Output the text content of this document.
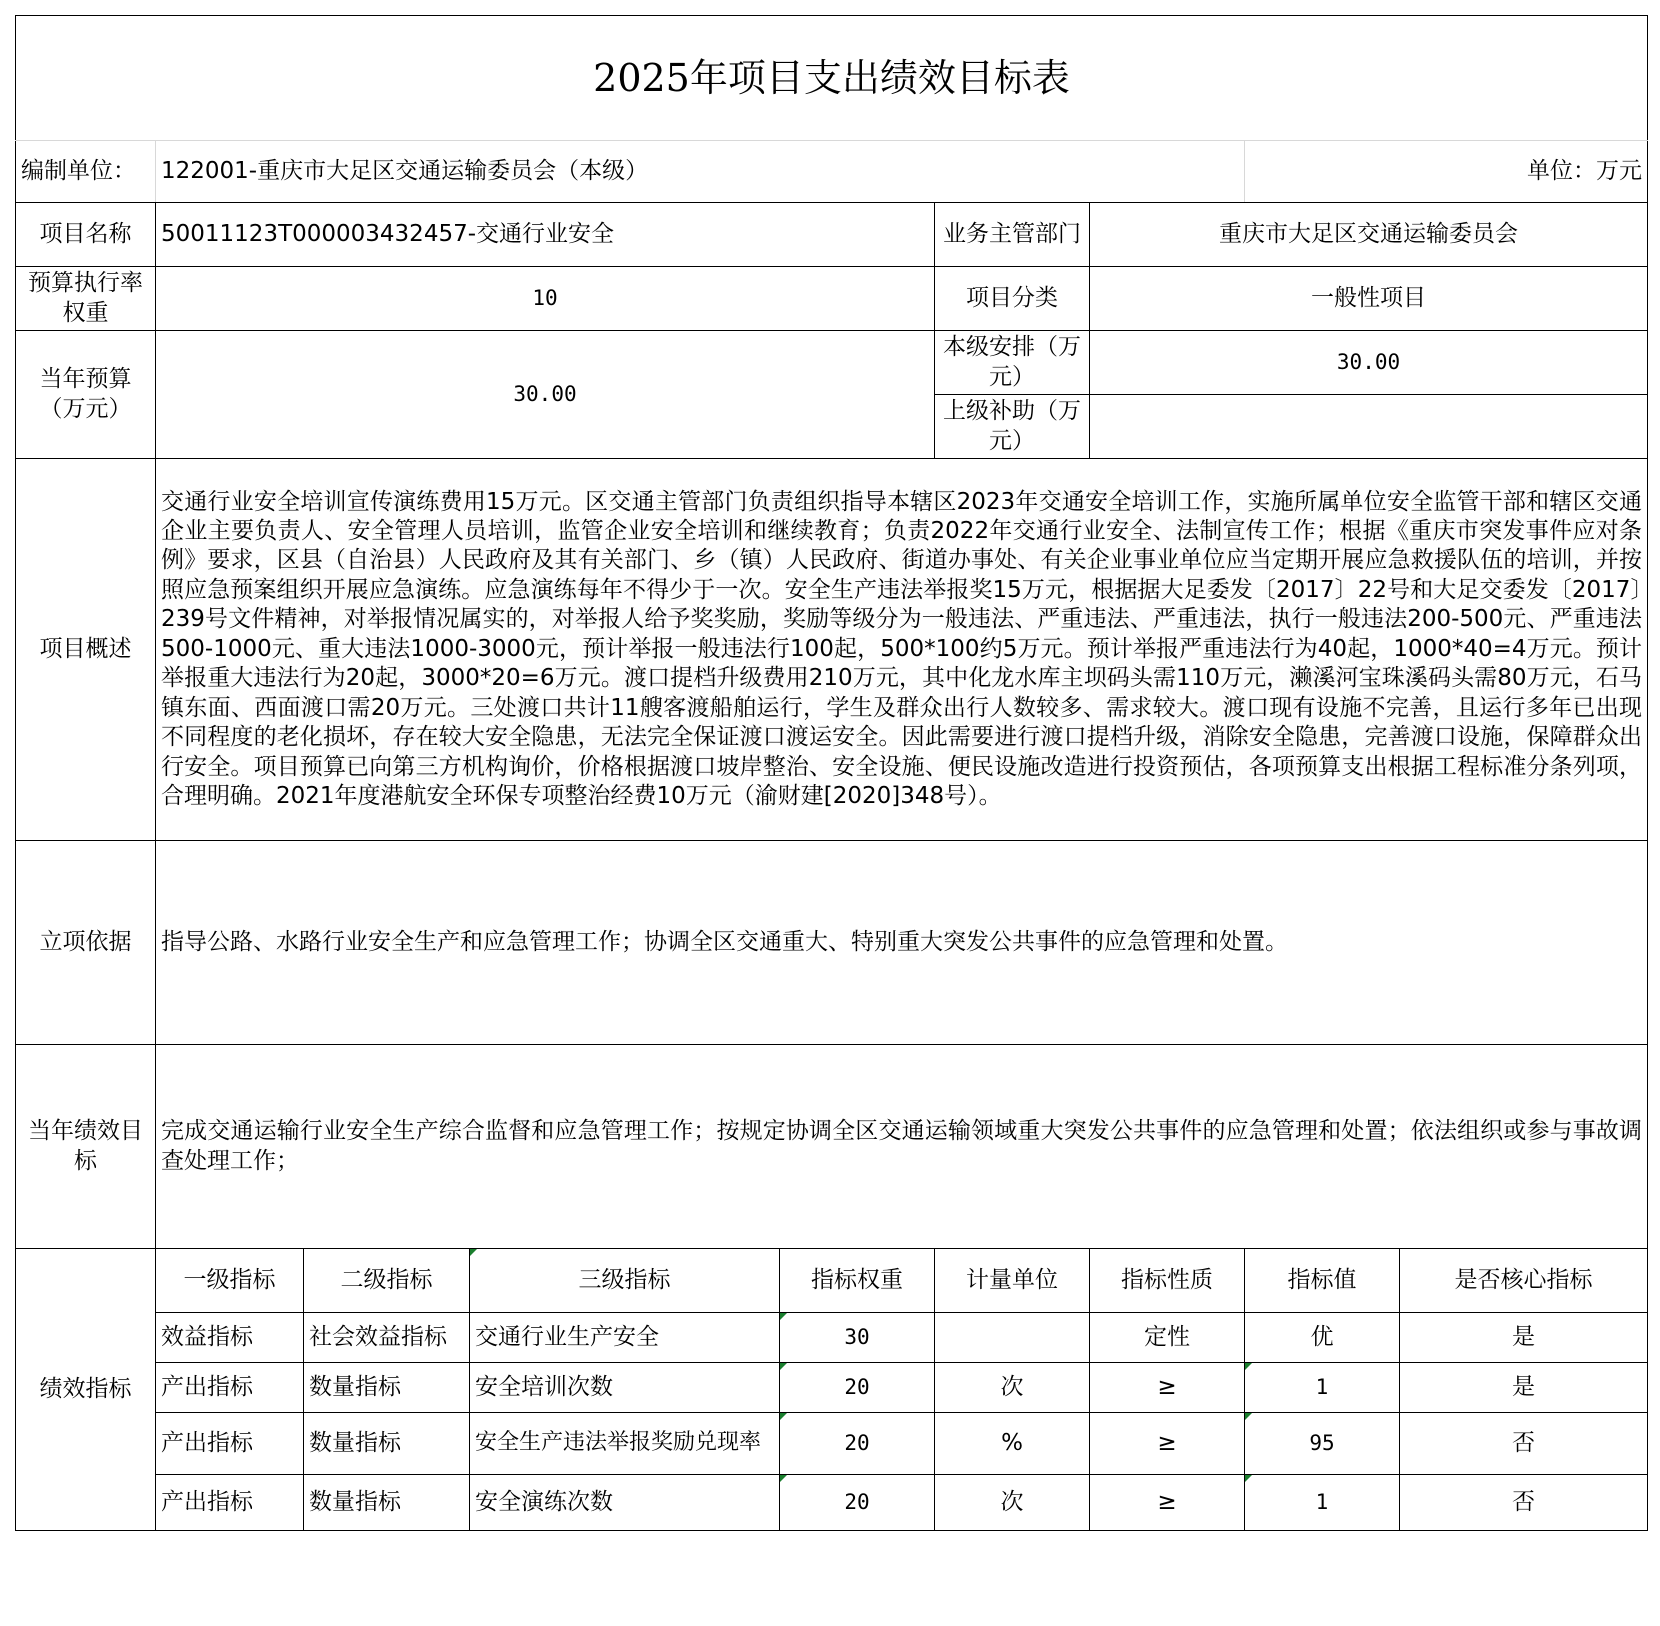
2025年项目支出绩效目标表								
编制单位：	122001-重庆市大足区交通运输委员会（本级）						单位：万元	
项目名称	50011123T000003432457-交通行业安全				业务主管部门	重庆市大足区交通运输委员会		
预算执行率权重	10				项目分类	一般性项目		
当年预算（万元）	30.00				本级安排（万元）	30.00		
					上级补助（万元）			
项目概述	交通行业安全培训宣传演练费用15万元。区交通主管部门负责组织指导本辖区2023年交通安全培训工作，实施所属单位安全监管干部和辖区交通企业主要负责人、安全管理人员培训，监管企业安全培训和继续教育；负责2022年交通行业安全、法制宣传工作；根据《重庆市突发事件应对条例》要求，区县（自治县）人民政府及其有关部门、乡（镇）人民政府、街道办事处、有关企业事业单位应当定期开展应急救援队伍的培训，并按照应急预案组织开展应急演练。应急演练每年不得少于一次。安全生产违法举报奖15万元，根据据大足委发〔2017〕22号和大足交委发〔2017〕239号文件精神，对举报情况属实的，对举报人给予奖奖励，奖励等级分为一般违法、严重违法、严重违法，执行一般违法200-500元、严重违法500-1000元、重大违法1000-3000元，预计举报一般违法行100起，500*100约5万元。预计举报严重违法行为40起，1000*40=4万元。预计举报重大违法行为20起，3000*20=6万元。渡口提档升级费用210万元，其中化龙水库主坝码头需110万元，濑溪河宝珠溪码头需80万元，石马镇东面、西面渡口需20万元。三处渡口共计11艘客渡船舶运行，学生及群众出行人数较多、需求较大。渡口现有设施不完善，且运行多年已出现不同程度的老化损坏，存在较大安全隐患，无法完全保证渡口渡运安全。因此需要进行渡口提档升级，消除安全隐患，完善渡口设施，保障群众出行安全。项目预算已向第三方机构询价，价格根据渡口坡岸整治、安全设施、便民设施改造进行投资预估，各项预算支出根据工程标准分条列项，合理明确。2021年度港航安全环保专项整治经费10万元（渝财建[2020]348号）。							
立项依据	指导公路、水路行业安全生产和应急管理工作；协调全区交通重大、特别重大突发公共事件的应急管理和处置。							
当年绩效目标	完成交通运输行业安全生产综合监督和应急管理工作；按规定协调全区交通运输领域重大突发公共事件的应急管理和处置；依法组织或参与事故调查处理工作；							
绩效指标	一级指标	二级指标	三级指标	指标权重	计量单位	指标性质	指标值	是否核心指标
	效益指标	社会效益指标	交通行业生产安全	30		定性	优	是
	产出指标	数量指标	安全培训次数	20	次	≥	1	是
	产出指标	数量指标	安全生产违法举报奖励兑现率	20	%	≥	95	否
	产出指标	数量指标	安全演练次数	20	次	≥	1	否
